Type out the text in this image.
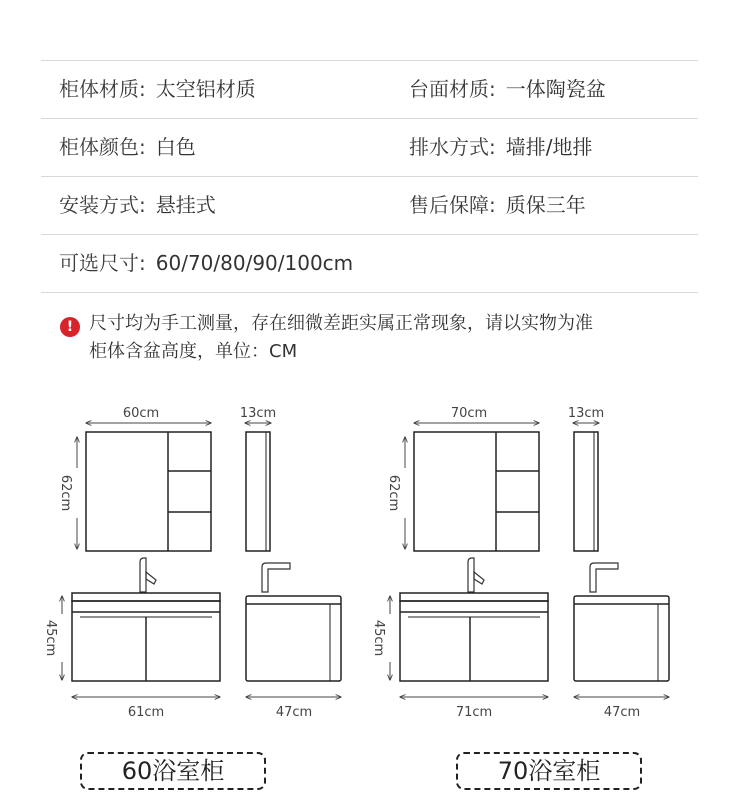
柜体材质: 太空铝材质	台面材质: 一体陶瓷盆
柜体颜色: 白色	排水方式: 墙排/地排
安装方式: 悬挂式	售后保障: 质保三年
可选尺寸: 60/70/80/90/100cm
! 尺寸均为手工测量，存在细微差距实属正常现象，请以实物为准
柜体含盆高度，单位：CM
60cm
62cm
13cm
45cm
61cm	47cm
70cm
62cm
13cm
45cm
71cm	47cm
60浴室柜	70浴室柜
